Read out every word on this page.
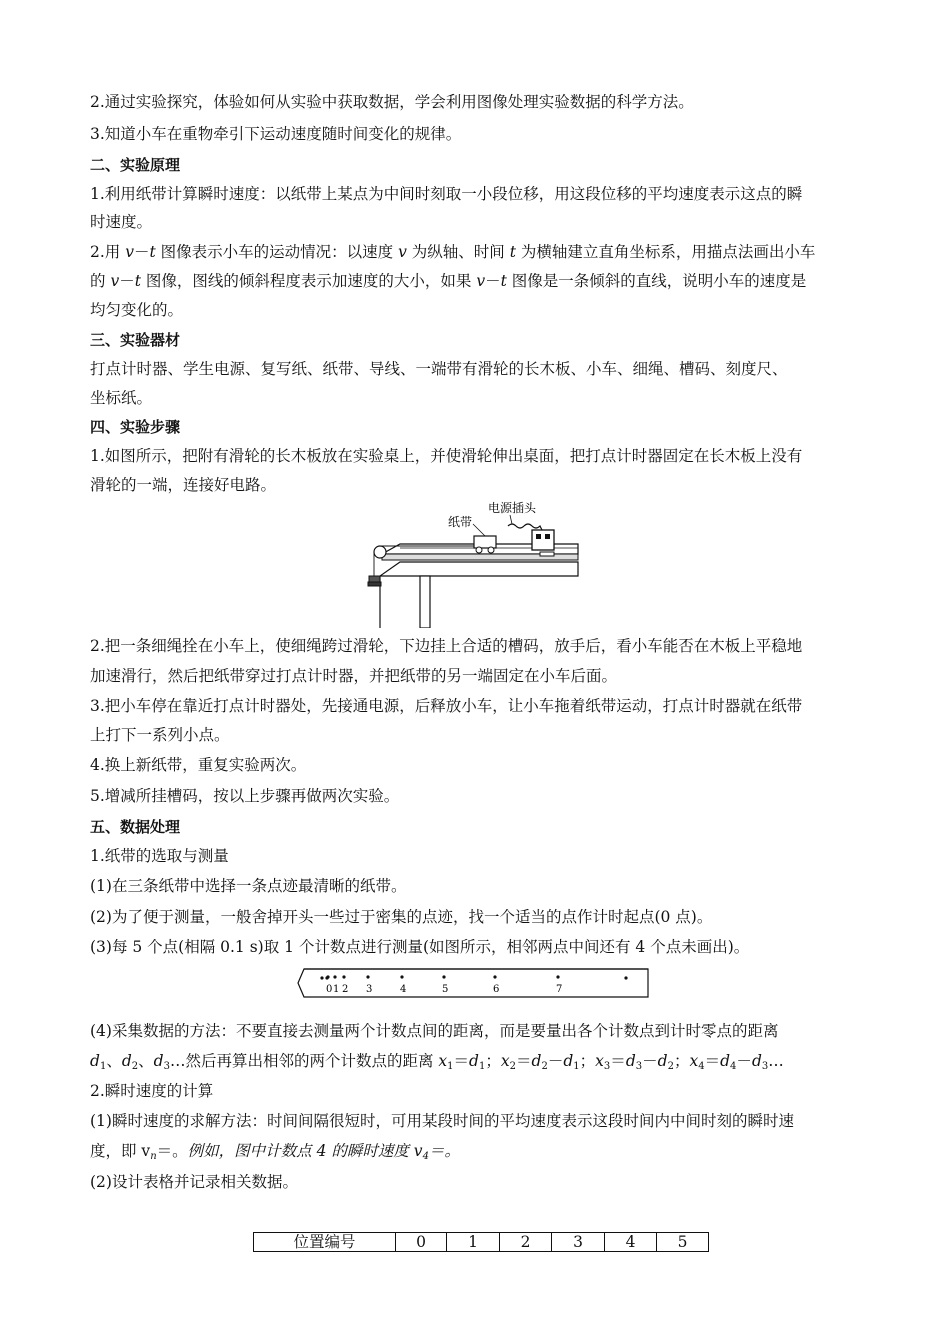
2.通过实验探究，体验如何从实验中获取数据，学会利用图像处理实验数据的科学方法。
3.知道小车在重物牵引下运动速度随时间变化的规律。
二、实验原理
1.利用纸带计算瞬时速度：以纸带上某点为中间时刻取一小段位移，用这段位移的平均速度表示这点的瞬
时速度。
2.用 v－t 图像表示小车的运动情况：以速度 v 为纵轴、时间 t 为横轴建立直角坐标系，用描点法画出小车
的 v－t 图像，图线的倾斜程度表示加速度的大小，如果 v－t 图像是一条倾斜的直线，说明小车的速度是
均匀变化的。
三、实验器材
打点计时器、学生电源、复写纸、纸带、导线、一端带有滑轮的长木板、小车、细绳、槽码、刻度尺、
坐标纸。
四、实验步骤
1.如图所示，把附有滑轮的长木板放在实验桌上，并使滑轮伸出桌面，把打点计时器固定在长木板上没有
滑轮的一端，连接好电路。
纸带
电源插头
2.把一条细绳拴在小车上，使细绳跨过滑轮，下边挂上合适的槽码，放手后，看小车能否在木板上平稳地
加速滑行，然后把纸带穿过打点计时器，并把纸带的另一端固定在小车后面。
3.把小车停在靠近打点计时器处，先接通电源，后释放小车，让小车拖着纸带运动，打点计时器就在纸带
上打下一系列小点。
4.换上新纸带，重复实验两次。
5.增减所挂槽码，按以上步骤再做两次实验。
五、数据处理
1.纸带的选取与测量
(1)在三条纸带中选择一条点迹最清晰的纸带。
(2)为了便于测量，一般舍掉开头一些过于密集的点迹，找一个适当的点作计时起点(0 点)。
(3)每 5 个点(相隔 0.1 s)取 1 个计数点进行测量(如图所示，相邻两点中间还有 4 个点未画出)。
0 1 2 3	4	5	6	7
(4)采集数据的方法：不要直接去测量两个计数点间的距离，而是要量出各个计数点到计时零点的距离
$d_1$、$d_2$、$d_3\dots$然后再算出相邻的两个计数点的距离 $x_1=d_1$；$x_2=d_2-d_1$；$x_3=d_3-d_2$；$x_4=d_4-d_3\dots$
2.瞬时速度的计算
(1)瞬时速度的求解方法：时间间隔很短时，可用某段时间的平均速度表示这段时间内中间时刻的瞬时速
度，即 $v_n=$。例如，图中计数点 4 的瞬时速度 $v_4=$。
(2)设计表格并记录相关数据。
位置编号	0	1	2	3	4	5
